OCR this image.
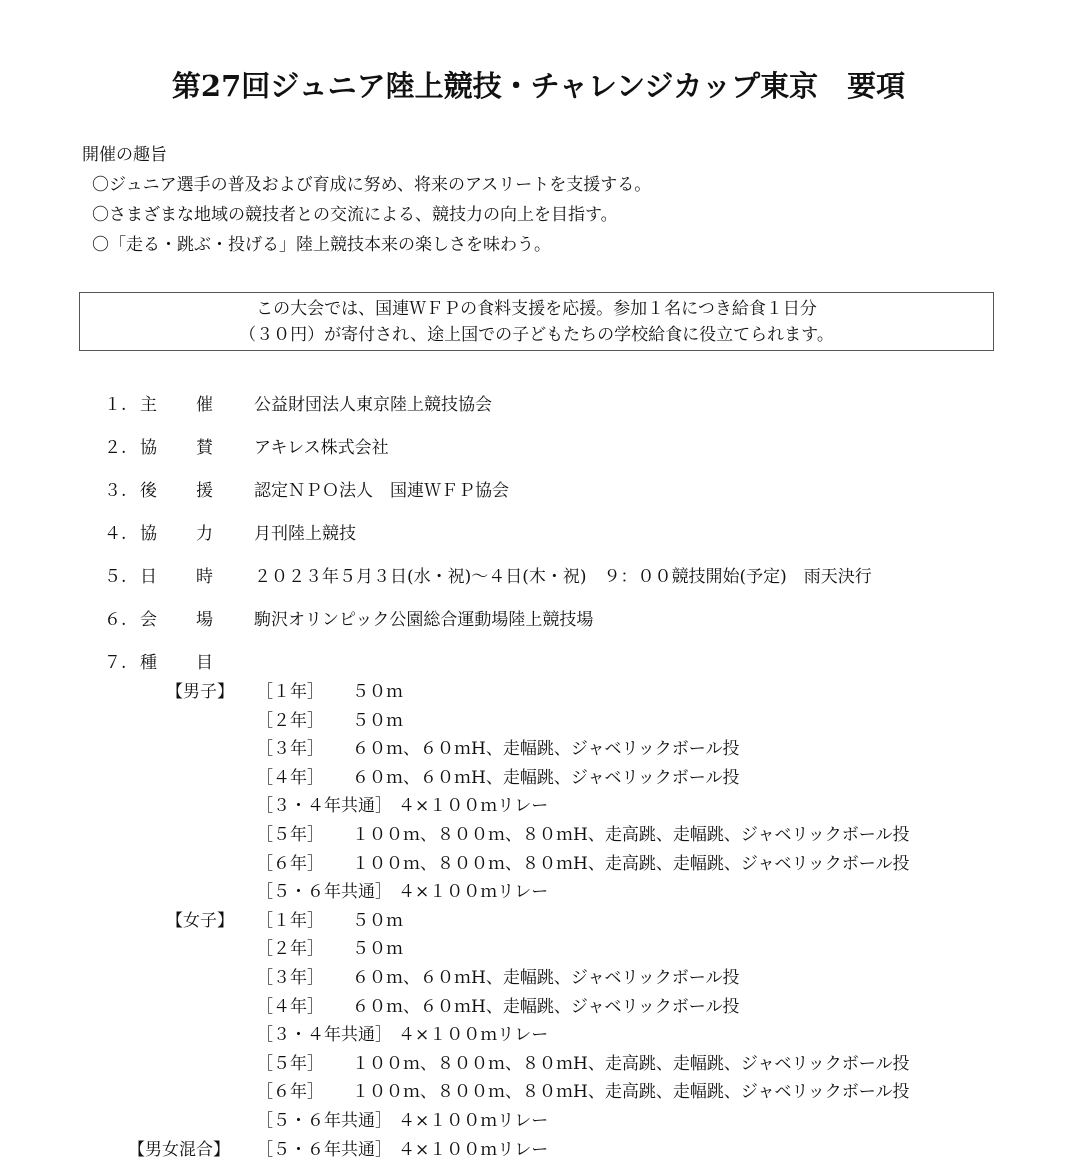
第27回ジュニア陸上競技・チャレンジカップ東京　要項
開催の趣旨
〇ジュニア選手の普及および育成に努め、将来のアスリートを支援する。
〇さまざまな地域の競技者との交流による、競技力の向上を目指す。
〇「走る・跳ぶ・投げる」陸上競技本来の楽しさを味わう。
この大会では、国連ＷＦＰの食料支援を応援。参加１名につき給食１日分
（３０円）が寄付され、途上国での子どもたちの学校給食に役立てられます。
１. 主 催 公益財団法人東京陸上競技協会
２. 協 賛 アキレス株式会社
３. 後 援 認定ＮＰＯ法人　国連ＷＦＰ協会
４. 協 力 月刊陸上競技
５. 日 時 ２０２３年５月３日(水・祝)～４日(木・祝)　９：００競技開始(予定)　雨天決行
６. 会 場 駒沢オリンピック公園総合運動場陸上競技場
７. 種 目
【男子】 ［１年］ ５０ｍ
［２年］ ５０ｍ
［３年］ ６０ｍ、６０ｍH、走幅跳、ジャベリックボール投
［４年］ ６０ｍ、６０ｍH、走幅跳、ジャベリックボール投
［３・４年共通］ ４×１００ｍリレー
［５年］ １００ｍ、８００ｍ、８０ｍH、走高跳、走幅跳、ジャベリックボール投
［６年］ １００ｍ、８００ｍ、８０ｍH、走高跳、走幅跳、ジャベリックボール投
［５・６年共通］ ４×１００ｍリレー
【女子】 ［１年］ ５０ｍ
［２年］ ５０ｍ
［３年］ ６０ｍ、６０ｍH、走幅跳、ジャベリックボール投
［４年］ ６０ｍ、６０ｍH、走幅跳、ジャベリックボール投
［３・４年共通］ ４×１００ｍリレー
［５年］ １００ｍ、８００ｍ、８０ｍH、走高跳、走幅跳、ジャベリックボール投
［６年］ １００ｍ、８００ｍ、８０ｍH、走高跳、走幅跳、ジャベリックボール投
［５・６年共通］ ４×１００ｍリレー
【男女混合】 ［５・６年共通］ ４×１００ｍリレー
